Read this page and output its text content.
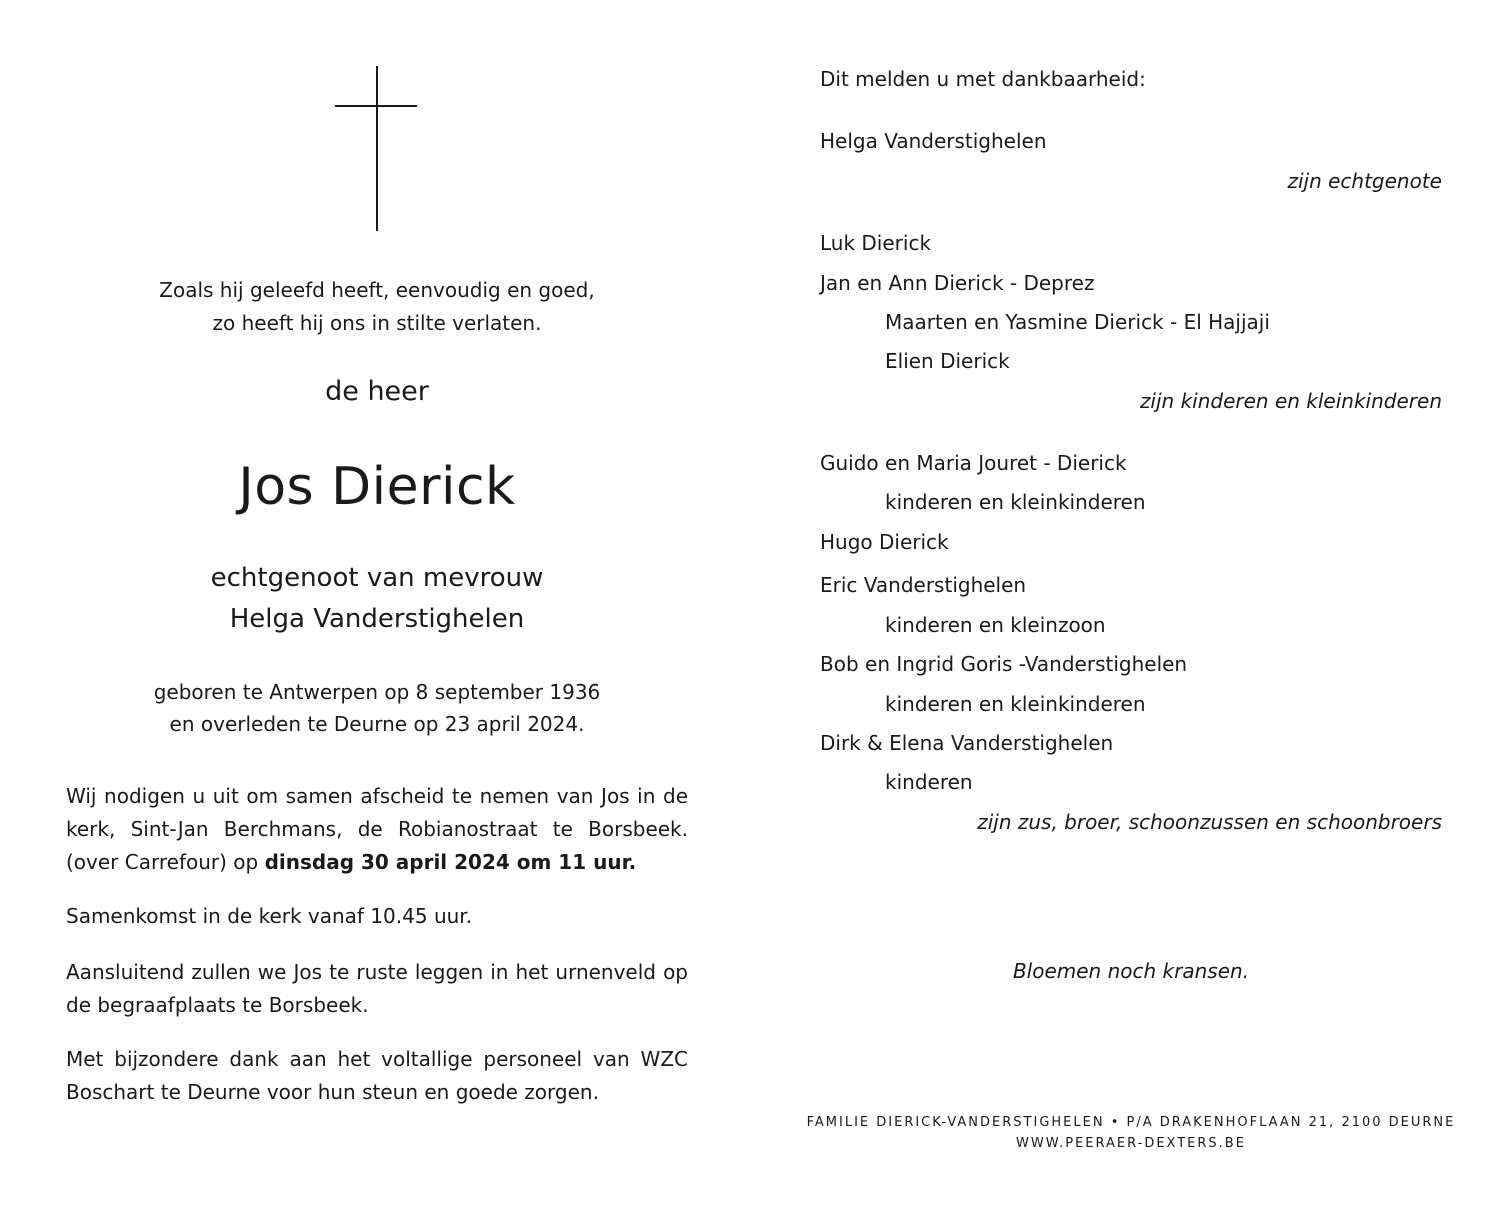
Zoals hij geleefd heeft, eenvoudig en goed,
zo heeft hij ons in stilte verlaten.
de heer
Jos Dierick
echtgenoot van mevrouw
Helga Vanderstighelen
geboren te Antwerpen op 8 september 1936
en overleden te Deurne op 23 april 2024.
Wij nodigen u uit om samen afscheid te nemen van Jos in de kerk, Sint-Jan Berchmans, de Robianostraat te Borsbeek. (over Carrefour) op dinsdag 30 april 2024 om 11 uur.
Samenkomst in de kerk vanaf 10.45 uur.
Aansluitend zullen we Jos te ruste leggen in het urnenveld op de begraafplaats te Borsbeek.
Met bijzondere dank aan het voltallige personeel van WZC Boschart te Deurne voor hun steun en goede zorgen.
Dit melden u met dankbaarheid:
Helga Vanderstighelen
zijn echtgenote
Luk Dierick
Jan en Ann Dierick - Deprez
Maarten en Yasmine Dierick - El Hajjaji
Elien Dierick
zijn kinderen en kleinkinderen
Guido en Maria Jouret - Dierick
kinderen en kleinkinderen
Hugo Dierick
Eric Vanderstighelen
kinderen en kleinzoon
Bob en Ingrid Goris -Vanderstighelen
kinderen en kleinkinderen
Dirk & Elena Vanderstighelen
kinderen
zijn zus, broer, schoonzussen en schoonbroers
Bloemen noch kransen.
FAMILIE DIERICK-VANDERSTIGHELEN • P/A DRAKENHOFLAAN 21, 2100 DEURNE
WWW.PEERAER-DEXTERS.BE
